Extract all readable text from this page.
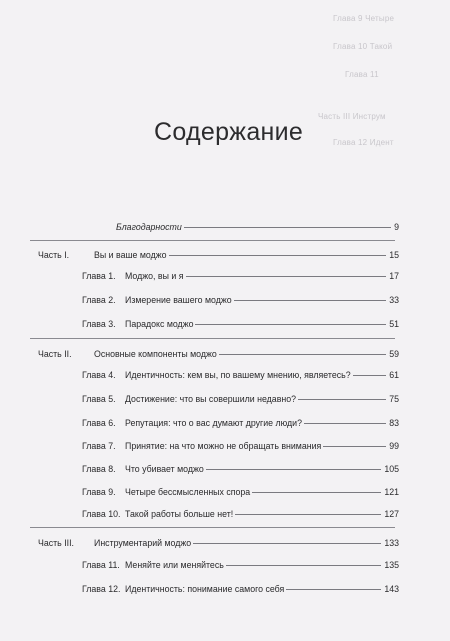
Глава 9 Четыре
Глава 10 Такой
Глава 11
Часть III Инструм
Глава 12 Идент
Содержание
Благодарности	9
Часть I.	Вы и ваше моджо	15
Глава 1.	Моджо, вы и я	17
Глава 2.	Измерение вашего моджо	33
Глава 3.	Парадокс моджо	51
Часть II.	Основные компоненты моджо	59
Глава 4.	Идентичность: кем вы, по вашему мнению, являетесь?	61
Глава 5.	Достижение: что вы совершили недавно?	75
Глава 6.	Репутация: что о вас думают другие люди?	83
Глава 7.	Принятие: на что можно не обращать внимания	99
Глава 8.	Что убивает моджо	105
Глава 9.	Четыре бессмысленных спора	121
Глава 10. Такой работы больше нет!	127
Часть III.	Инструментарий моджо	133
Глава 11. Меняйте или меняйтесь	135
Глава 12. Идентичность: понимание самого себя	143
